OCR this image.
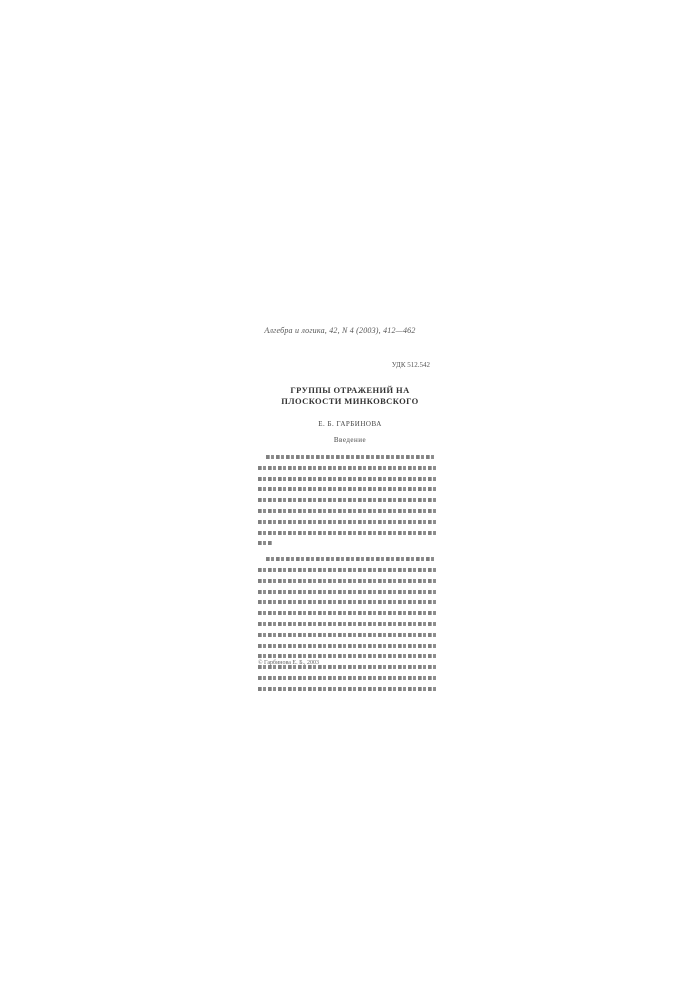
Алгебра и логика, 42, N 4 (2003), 412—462
УДК 512.542
ГРУППЫ ОТРАЖЕНИЙ НА
ПЛОСКОСТИ МИНКОВСКОГО
Е. Б. ГАРБИНОВА
Введение
© Гарбинова Е. Б., 2003
